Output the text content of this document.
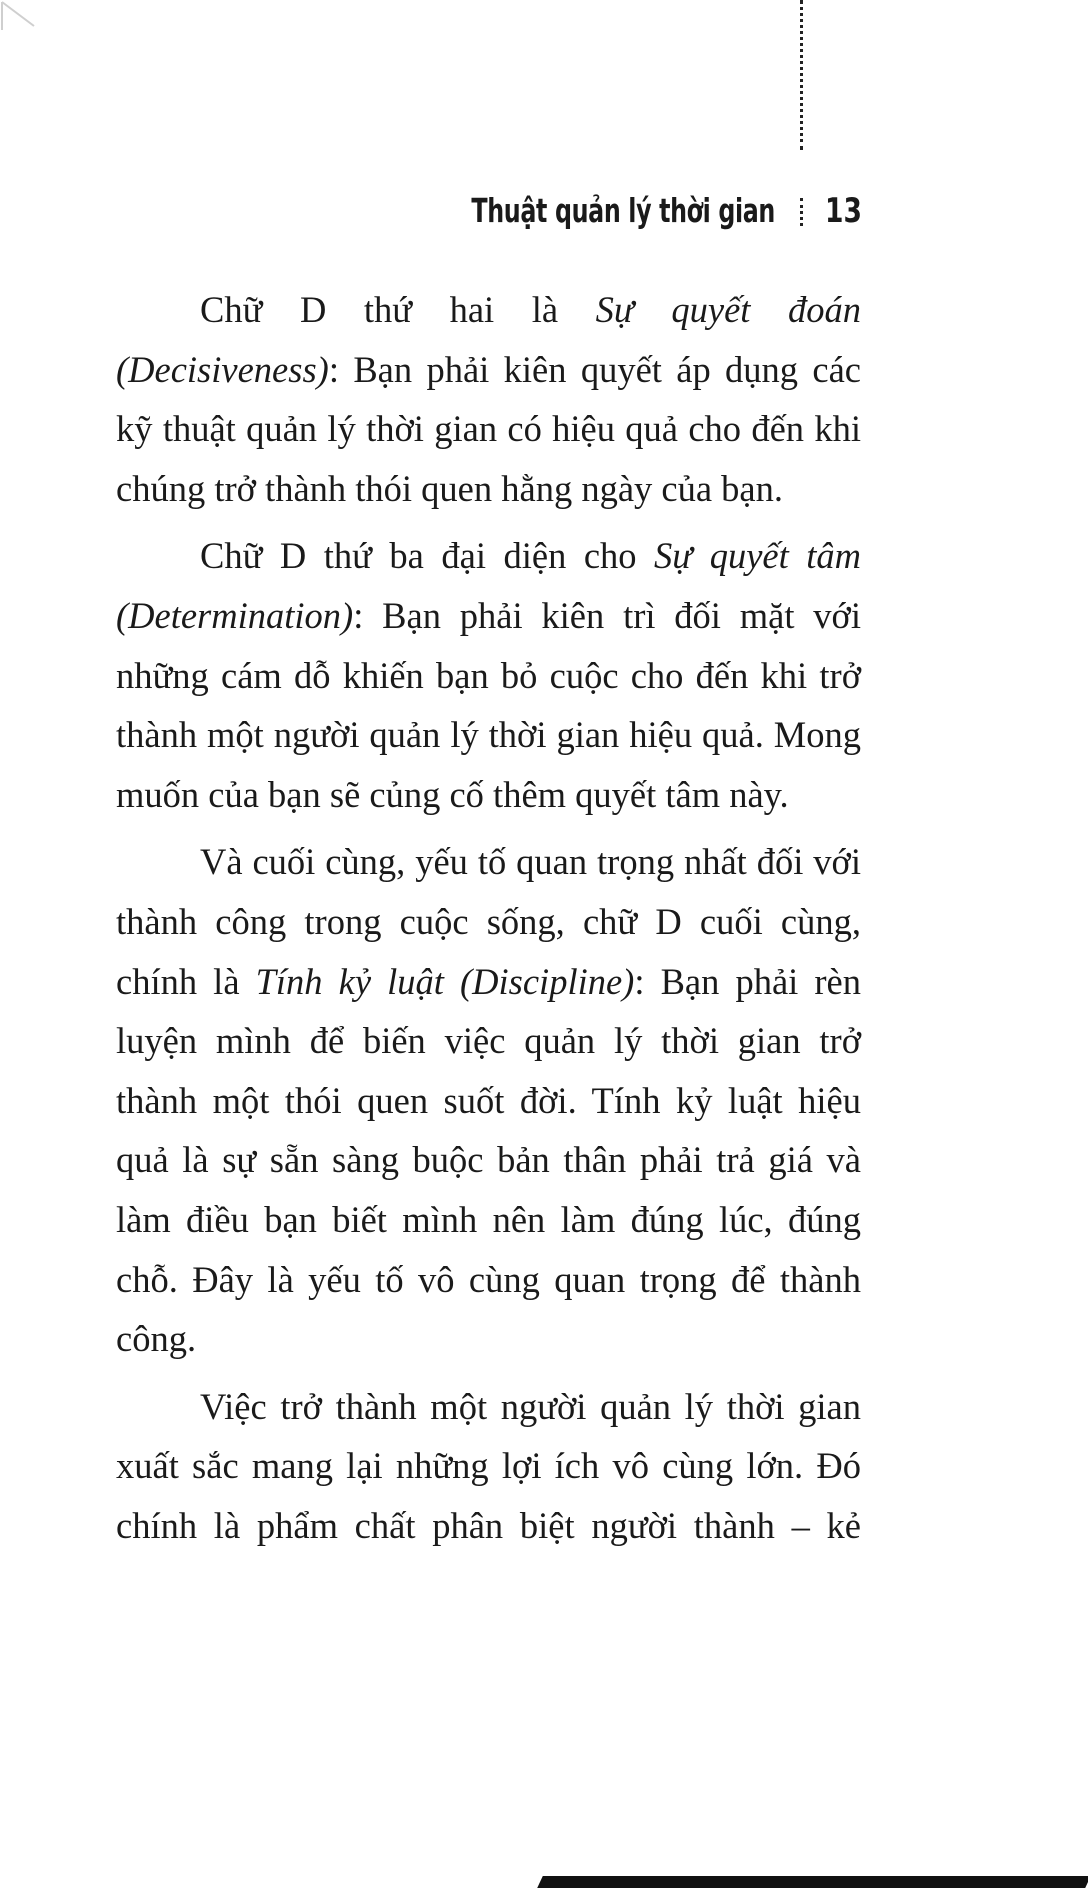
Thuật quản lý thời gian 13

Chữ D thứ hai là Sự quyết đoán (Decisiveness): Bạn phải kiên quyết áp dụng các kỹ thuật quản lý thời gian có hiệu quả cho đến khi chúng trở thành thói quen hằng ngày của bạn.

Chữ D thứ ba đại diện cho Sự quyết tâm (Determination): Bạn phải kiên trì đối mặt với những cám dỗ khiến bạn bỏ cuộc cho đến khi trở thành một người quản lý thời gian hiệu quả. Mong muốn của bạn sẽ củng cố thêm quyết tâm này.

Và cuối cùng, yếu tố quan trọng nhất đối với thành công trong cuộc sống, chữ D cuối cùng, chính là Tính kỷ luật (Discipline): Bạn phải rèn luyện mình để biến việc quản lý thời gian trở thành một thói quen suốt đời. Tính kỷ luật hiệu quả là sự sẵn sàng buộc bản thân phải trả giá và làm điều bạn biết mình nên làm đúng lúc, đúng chỗ. Đây là yếu tố vô cùng quan trọng để thành công.

Việc trở thành một người quản lý thời gian xuất sắc mang lại những lợi ích vô cùng lớn. Đó chính là phẩm chất phân biệt người thành – kẻ
